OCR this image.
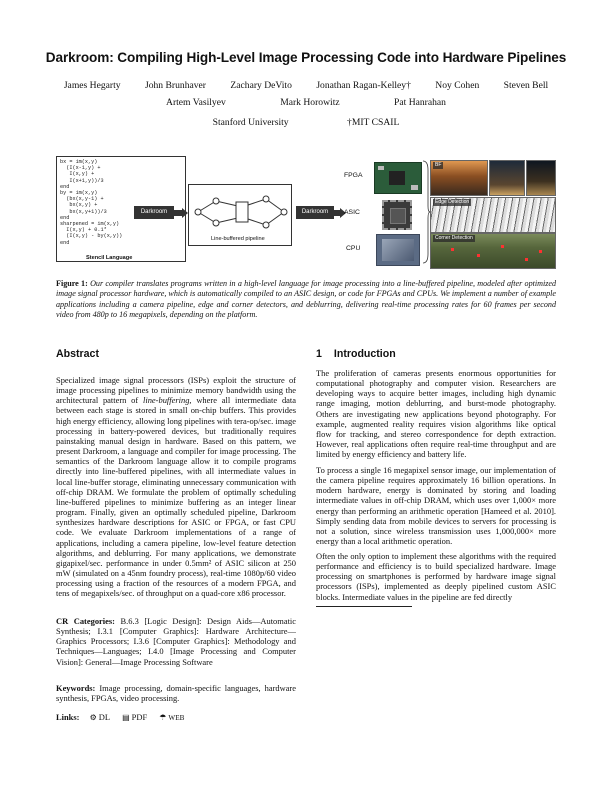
Darkroom: Compiling High-Level Image Processing Code into Hardware Pipelines
James Hegarty	John Brunhaver	Zachary DeVito	Jonathan Ragan-Kelley†	Noy Cohen	Steven Bell
Artem Vasilyev	Mark Horowitz	Pat Hanrahan
Stanford University	†MIT CSAIL
bx = im(x,y)
(I(x-1,y) +
I(x,y) +
I(x+1,y))/3
end
by = im(x,y)
(bx(x,y-1) +
bx(x,y) +
bx(x,y+1))/3
end
sharpened = im(x,y)
I(x,y) + 0.1*
(I(x,y) - by(x,y))
end
Stencil Language
Darkroom
Line-buffered pipeline
Darkroom
FPGA
ASIC
CPU
BF
Edge Detection
Corner Detection
Figure 1: Our compiler translates programs written in a high-level language for image processing into a line-buffered pipeline, modeled after optimized image signal processor hardware, which is automatically compiled to an ASIC design, or code for FPGAs and CPUs. We implement a number of example applications including a camera pipeline, edge and corner detectors, and deblurring, delivering real-time processing rates for 60 frames per second video from 480p to 16 megapixels, depending on the platform.
Abstract

Specialized image signal processors (ISPs) exploit the structure of image processing pipelines to minimize memory bandwidth using the architectural pattern of line-buffering, where all intermediate data between each stage is stored in small on-chip buffers. This provides high energy efficiency, allowing long pipelines with tera-op/sec. image processing in battery-powered devices, but traditionally requires painstaking manual design in hardware. Based on this pattern, we present Darkroom, a language and compiler for image processing. The semantics of the Darkroom language allow it to compile programs directly into line-buffered pipelines, with all intermediate values in local line-buffer storage, eliminating unnecessary communication with off-chip DRAM. We formulate the problem of optimally scheduling line-buffered pipelines to minimize buffering as an integer linear program. Finally, given an optimally scheduled pipeline, Darkroom synthesizes hardware descriptions for ASIC or FPGA, or fast CPU code. We evaluate Darkroom implementations of a range of applications, including a camera pipeline, low-level feature detection algorithms, and deblurring. For many applications, we demonstrate gigapixel/sec. performance in under 0.5mm² of ASIC silicon at 250 mW (simulated on a 45nm foundry process), real-time 1080p/60 video processing using a fraction of the resources of a modern FPGA, and tens of megapixels/sec. of throughput on a quad-core x86 processor.

CR Categories: B.6.3 [Logic Design]: Design Aids—Automatic Synthesis; I.3.1 [Computer Graphics]: Hardware Architecture—Graphics Processors; I.3.6 [Computer Graphics]: Methodology and Techniques—Languages; I.4.0 [Image Processing and Computer Vision]: General—Image Processing Software

Keywords: Image processing, domain-specific languages, hardware synthesis, FPGAs, video processing.

Links: ⚙ DL ▤ PDF ☂ WEB
1 Introduction

The proliferation of cameras presents enormous opportunities for computational photography and computer vision. Researchers are developing ways to acquire better images, including high dynamic range imaging, motion deblurring, and burst-mode photography. Others are investigating new applications beyond photography. For example, augmented reality requires vision algorithms like optical flow for tracking, and stereo correspondence for depth extraction. However, real applications often require real-time throughput and are limited by energy efficiency and battery life.

To process a single 16 megapixel sensor image, our implementation of the camera pipeline requires approximately 16 billion operations. In modern hardware, energy is dominated by storing and loading intermediate values in off-chip DRAM, which uses over 1,000× more energy than performing an arithmetic operation [Hameed et al. 2010]. Simply sending data from mobile devices to servers for processing is not a solution, since wireless transmission uses 1,000,000× more energy than a local arithmetic operation.

Often the only option to implement these algorithms with the required performance and efficiency is to build specialized hardware. Image processing on smartphones is performed by hardware image signal processors (ISPs), implemented as deeply pipelined custom ASIC blocks. Intermediate values in the pipeline are fed directly
